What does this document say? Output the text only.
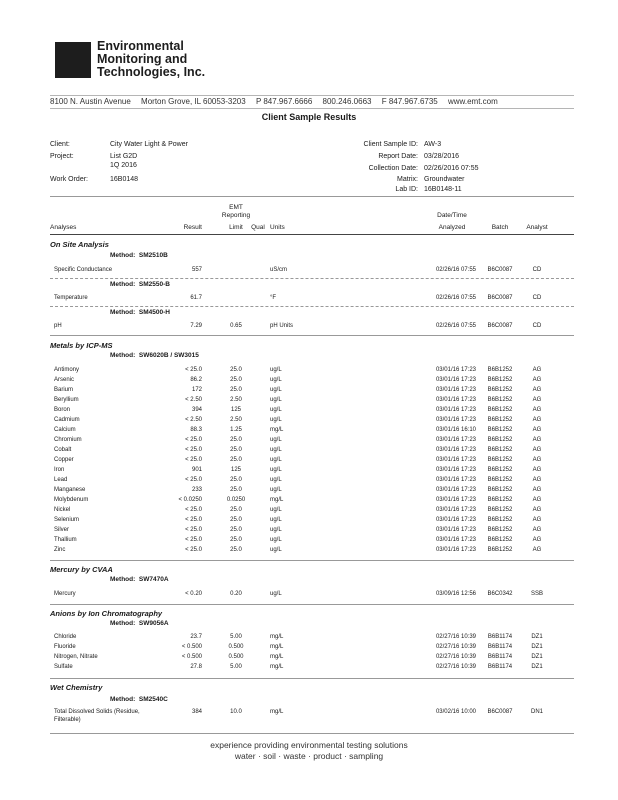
Environmental
Monitoring and
Technologies, Inc.
8100 N. Austin Avenue Morton Grove, IL 60053-3203 P 847.967.6666 800.246.0663 F 847.967.6735 www.emt.com
Client Sample Results
Client:	City Water Light & Power
Project:	List G2D
1Q 2016
Work Order:	16B0148
Client Sample ID: AW-3
Report Date: 03/28/2016
Collection Date: 02/26/2016 07:55
Matrix: Groundwater
Lab ID: 16B0148-11
Analyses	Result
EMT
Reporting
Limit	Qual Units
Date/Time
Analyzed	Batch	Analyst
On Site Analysis
Method: SM2510B
Specific Conductance	557	uS/cm	02/26/16 07:55	B6C0087	CD
Method: SM2550-B
Temperature	61.7	°F	02/26/16 07:55	B6C0087	CD
Method: SM4500-H
pH	7.29	0.65	pH Units	02/26/16 07:55	B6C0087	CD
Metals by ICP-MS
Method: SW6020B / SW3015
Antimony	< 25.0	25.0	ug/L	03/01/16 17:23	B6B1252	AG
Arsenic	86.2	25.0	ug/L	03/01/16 17:23	B6B1252	AG
Barium	172	25.0	ug/L	03/01/16 17:23	B6B1252	AG
Beryllium	< 2.50	2.50	ug/L	03/01/16 17:23	B6B1252	AG
Boron	394	125	ug/L	03/01/16 17:23	B6B1252	AG
Cadmium	< 2.50	2.50	ug/L	03/01/16 17:23	B6B1252	AG
Calcium	88.3	1.25	mg/L	03/01/16 16:10	B6B1252	AG
Chromium	< 25.0	25.0	ug/L	03/01/16 17:23	B6B1252	AG
Cobalt	< 25.0	25.0	ug/L	03/01/16 17:23	B6B1252	AG
Copper	< 25.0	25.0	ug/L	03/01/16 17:23	B6B1252	AG
Iron	901	125	ug/L	03/01/16 17:23	B6B1252	AG
Lead	< 25.0	25.0	ug/L	03/01/16 17:23	B6B1252	AG
Manganese	233	25.0	ug/L	03/01/16 17:23	B6B1252	AG
Molybdenum	< 0.0250	0.0250	mg/L	03/01/16 17:23	B6B1252	AG
Nickel	< 25.0	25.0	ug/L	03/01/16 17:23	B6B1252	AG
Selenium	< 25.0	25.0	ug/L	03/01/16 17:23	B6B1252	AG
Silver	< 25.0	25.0	ug/L	03/01/16 17:23	B6B1252	AG
Thallium	< 25.0	25.0	ug/L	03/01/16 17:23	B6B1252	AG
Zinc	< 25.0	25.0	ug/L	03/01/16 17:23	B6B1252	AG
Mercury by CVAA
Method: SW7470A
Mercury	< 0.20	0.20	ug/L	03/09/16 12:56	B6C0342	SSB
Anions by Ion Chromatography
Method: SW9056A
Chloride	23.7	5.00	mg/L	02/27/16 10:39	B6B1174	DZ1
Fluoride	< 0.500	0.500	mg/L	02/27/16 10:39	B6B1174	DZ1
Nitrogen, Nitrate	< 0.500	0.500	mg/L	02/27/16 10:39	B6B1174	DZ1
Sulfate	27.8	5.00	mg/L	02/27/16 10:39	B6B1174	DZ1
Wet Chemistry
Method: SM2540C
Total Dissolved Solids (Residue,	384	10.0	mg/L	03/02/16 10:00	B6C0087	DN1
Filterable)
experience providing environmental testing solutions
water · soil · waste · product · sampling
